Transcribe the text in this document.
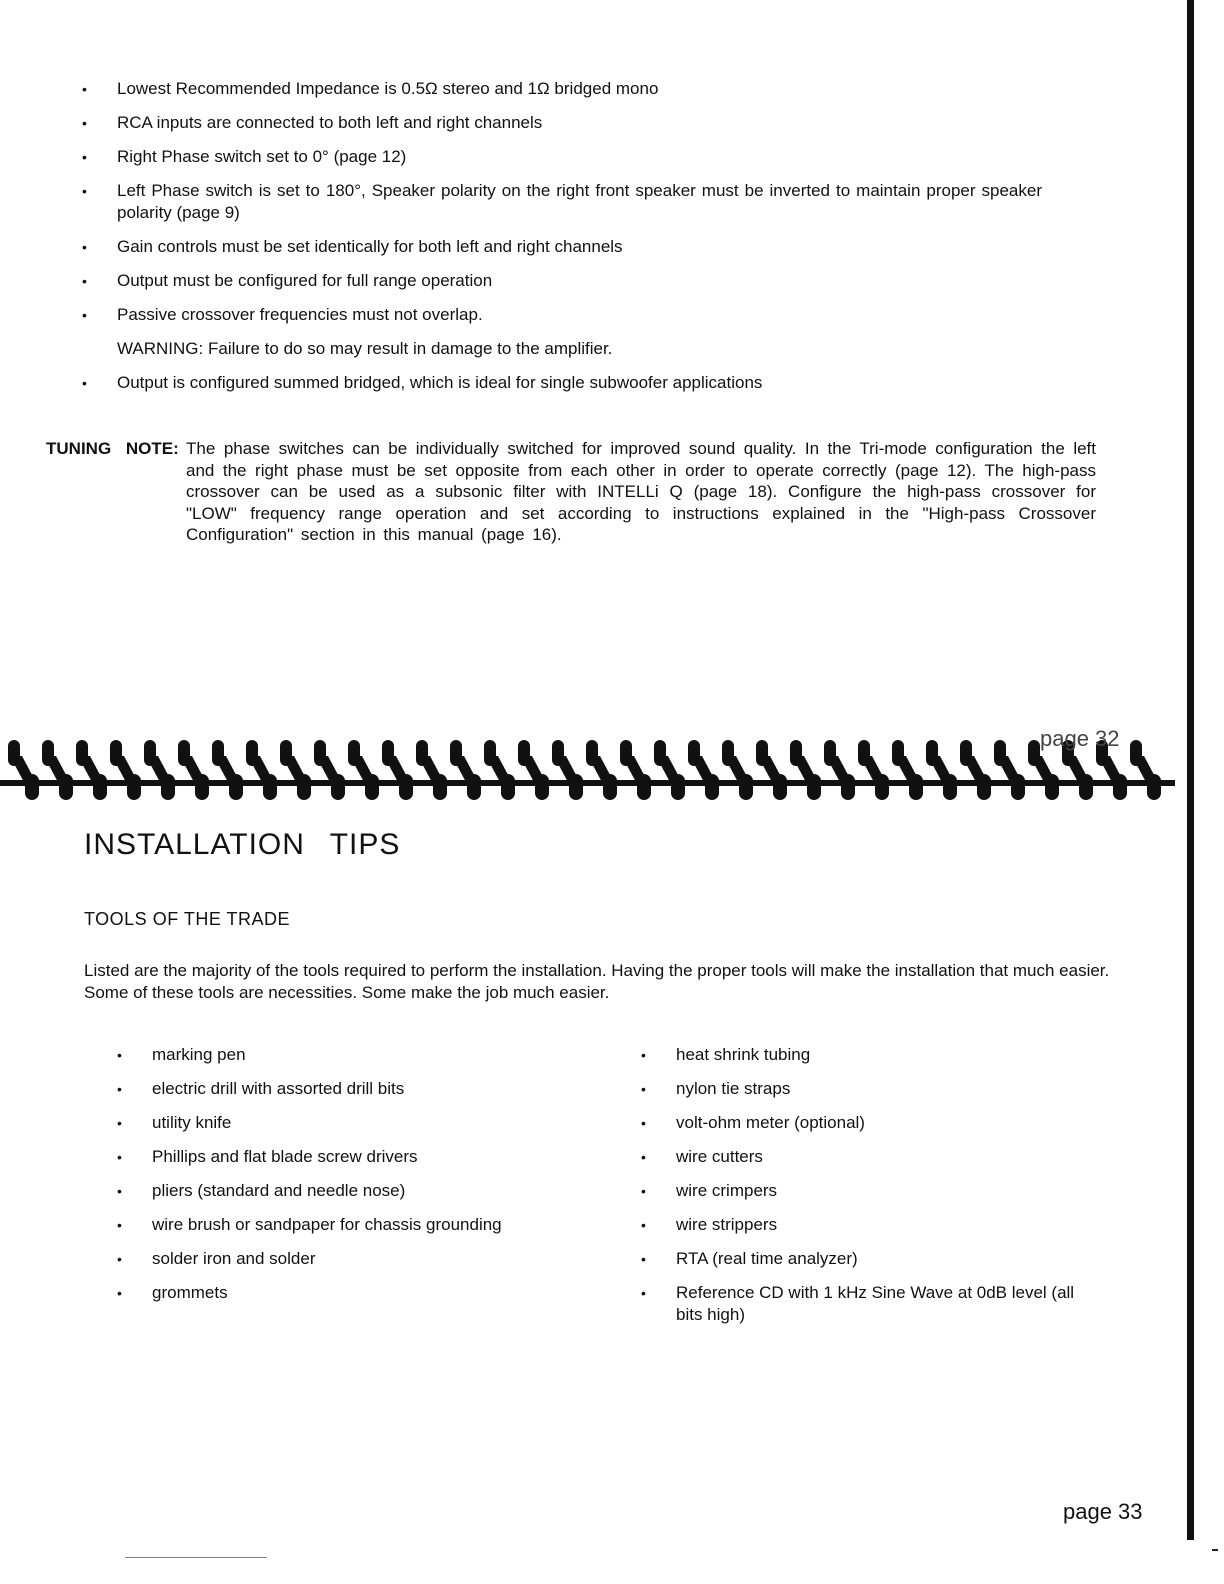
• Lowest Recommended Impedance is 0.5Ω stereo and 1Ω bridged mono
• RCA inputs are connected to both left and right channels
• Right Phase switch set to 0° (page 12)
• Left Phase switch is set to 180°, Speaker polarity on the right front speaker must be inverted to maintain proper speaker polarity (page 9)
• Gain controls must be set identically for both left and right channels
• Output must be configured for full range operation
• Passive crossover frequencies must not overlap.
WARNING: Failure to do so may result in damage to the amplifier.
• Output is configured summed bridged, which is ideal for single subwoofer applications
TUNING NOTE: The phase switches can be individually switched for improved sound quality. In the Tri-mode configuration the left and the right phase must be set opposite from each other in order to operate correctly (page 12). The high-pass crossover can be used as a subsonic filter with INTELLi Q (page 18). Configure the high-pass crossover for "LOW" frequency range operation and set according to instructions explained in the "High-pass Crossover Configuration" section in this manual (page 16).
page 32
INSTALLATION TIPS
TOOLS OF THE TRADE

Listed are the majority of the tools required to perform the installation. Having the proper tools will make the installation that much easier. Some of these tools are necessities. Some make the job much easier.

• marking pen
• electric drill with assorted drill bits
• utility knife
• Phillips and flat blade screw drivers
• pliers (standard and needle nose)
• wire brush or sandpaper for chassis grounding
• solder iron and solder
• grommets
• heat shrink tubing
• nylon tie straps
• volt-ohm meter (optional)
• wire cutters
• wire crimpers
• wire strippers
• RTA (real time analyzer)
• Reference CD with 1 kHz Sine Wave at 0dB level (all bits high)
page 33
